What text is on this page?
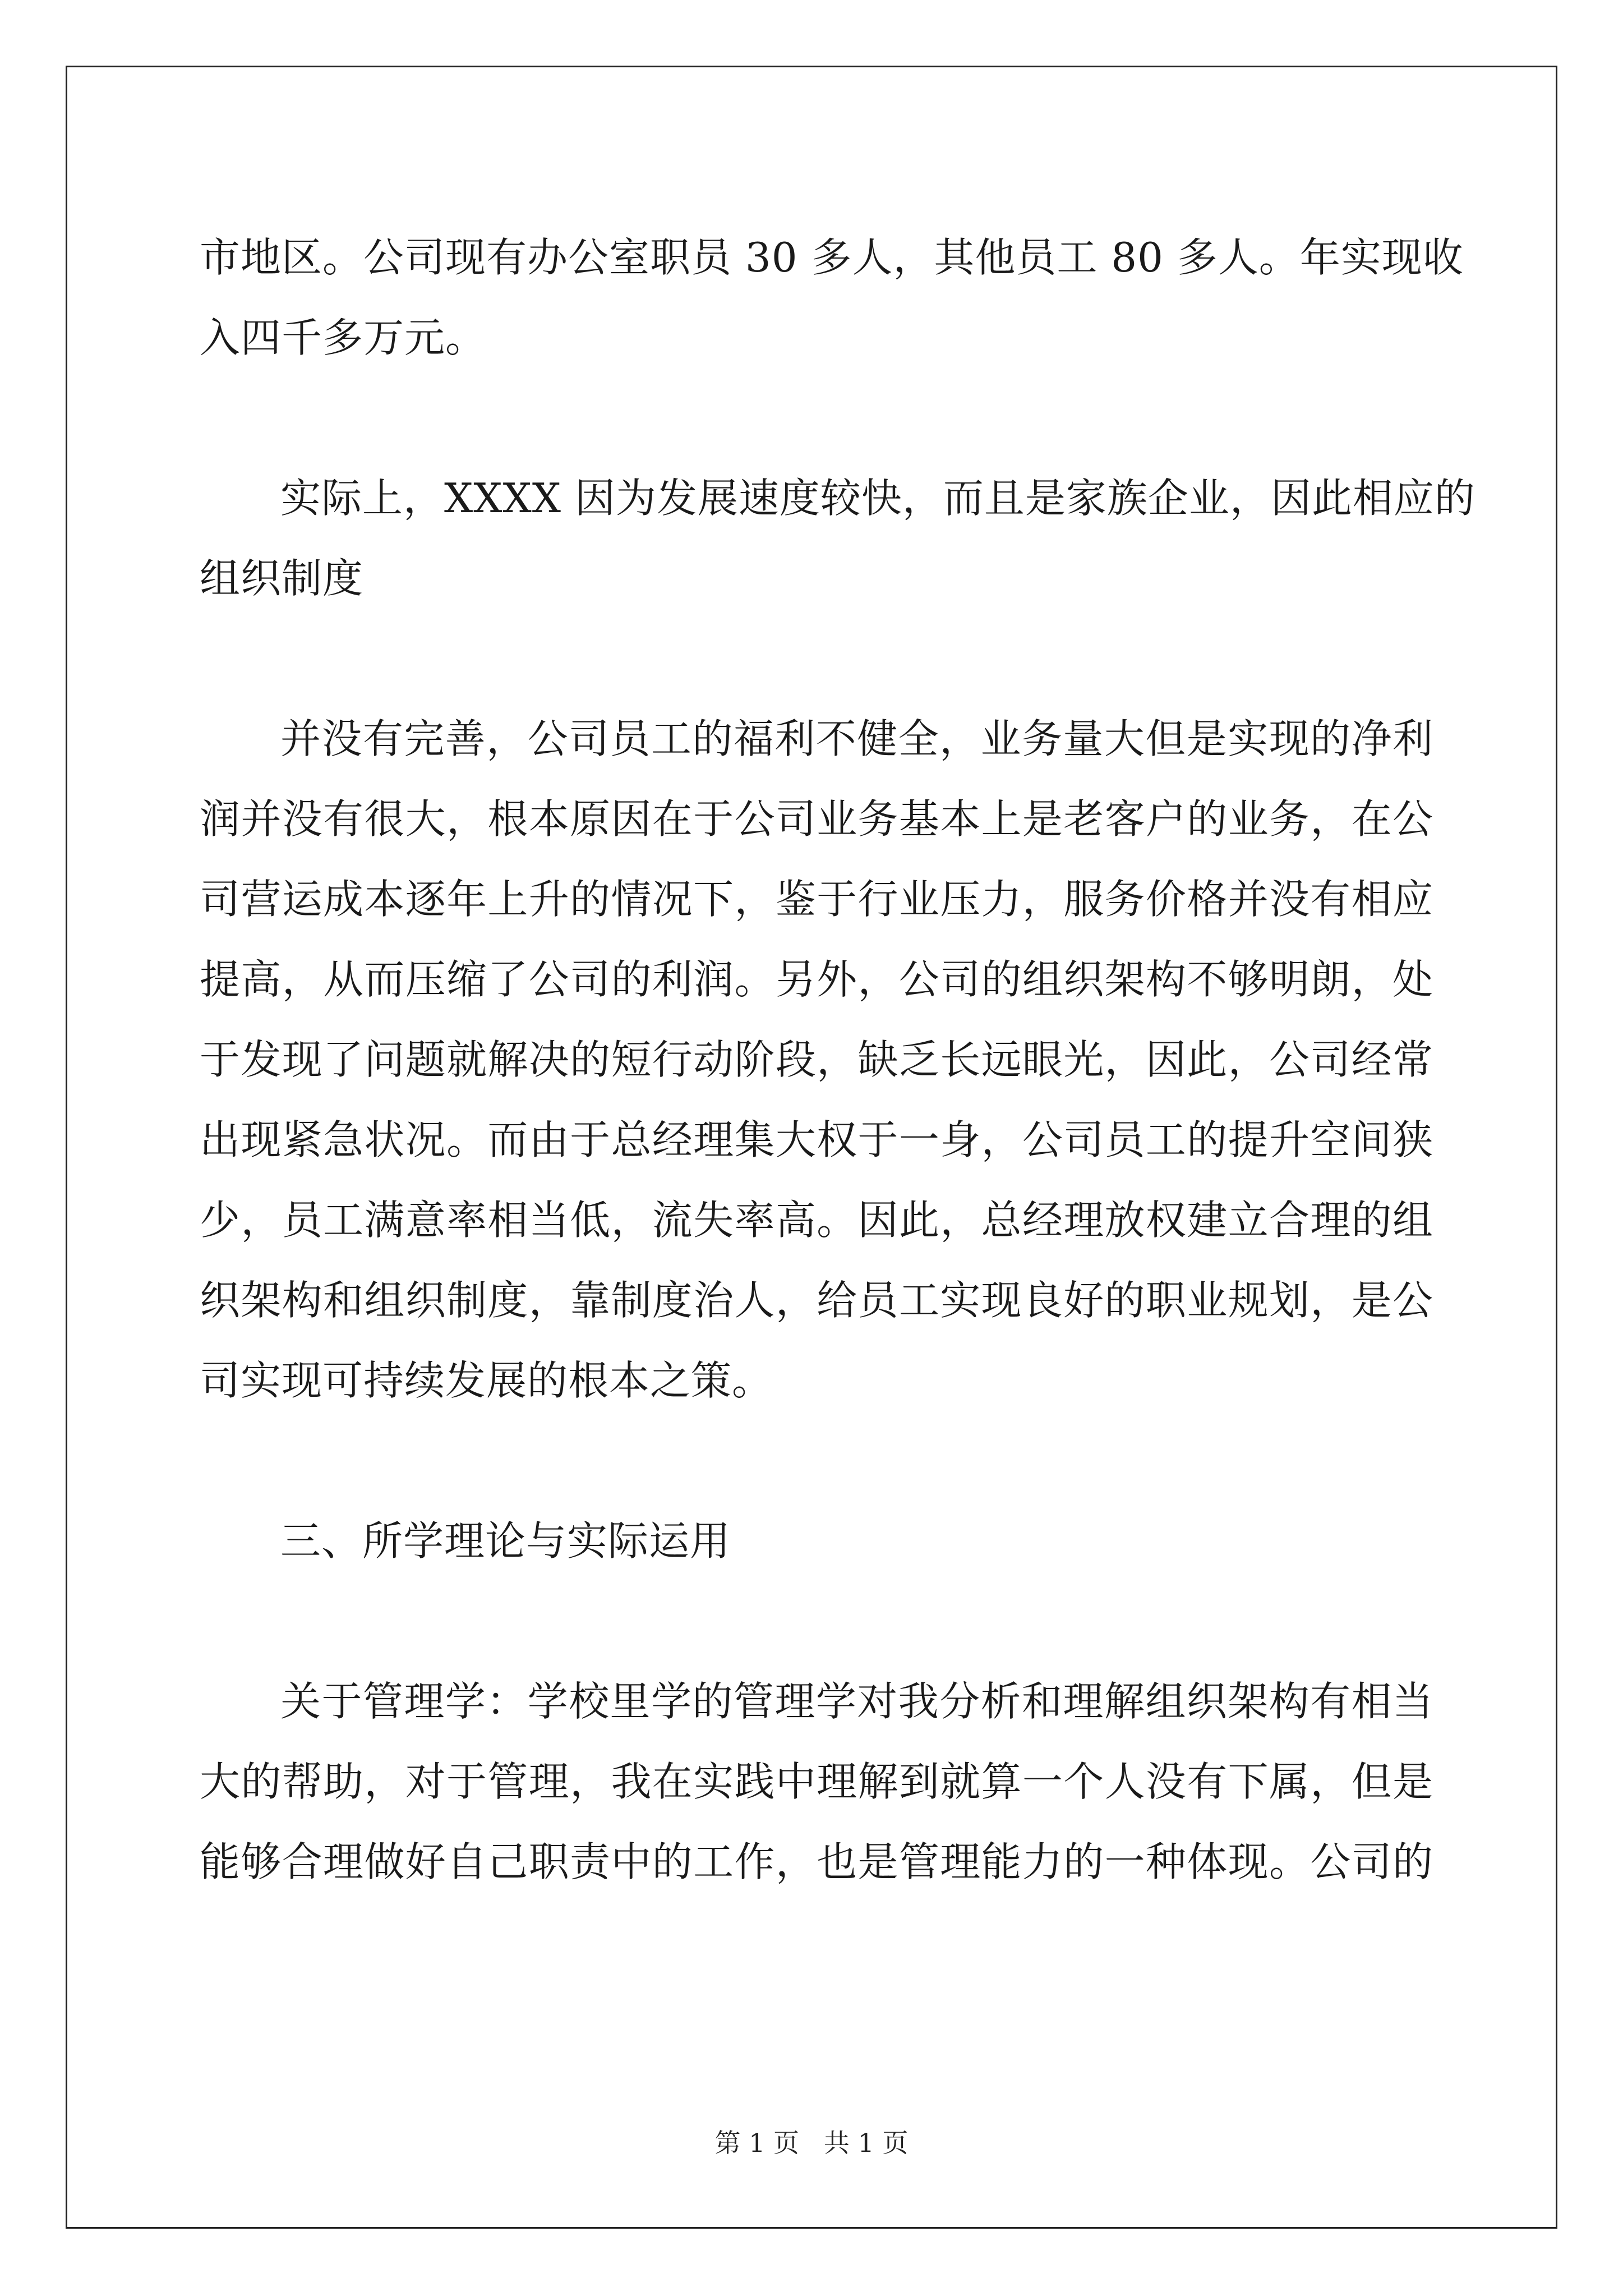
市地区。公司现有办公室职员 30 多人，其他员工 80 多人。年实现收
入四千多万元。
实际上，XXXX 因为发展速度较快，而且是家族企业，因此相应的
组织制度
并没有完善，公司员工的福利不健全，业务量大但是实现的净利
润并没有很大，根本原因在于公司业务基本上是老客户的业务，在公
司营运成本逐年上升的情况下，鉴于行业压力，服务价格并没有相应
提高，从而压缩了公司的利润。另外，公司的组织架构不够明朗，处
于发现了问题就解决的短行动阶段，缺乏长远眼光，因此，公司经常
出现紧急状况。而由于总经理集大权于一身，公司员工的提升空间狭
少，员工满意率相当低，流失率高。因此，总经理放权建立合理的组
织架构和组织制度，靠制度治人，给员工实现良好的职业规划，是公
司实现可持续发展的根本之策。
三、所学理论与实际运用
关于管理学：学校里学的管理学对我分析和理解组织架构有相当
大的帮助，对于管理，我在实践中理解到就算一个人没有下属，但是
能够合理做好自己职责中的工作，也是管理能力的一种体现。公司的
第 1 页   共 1 页
